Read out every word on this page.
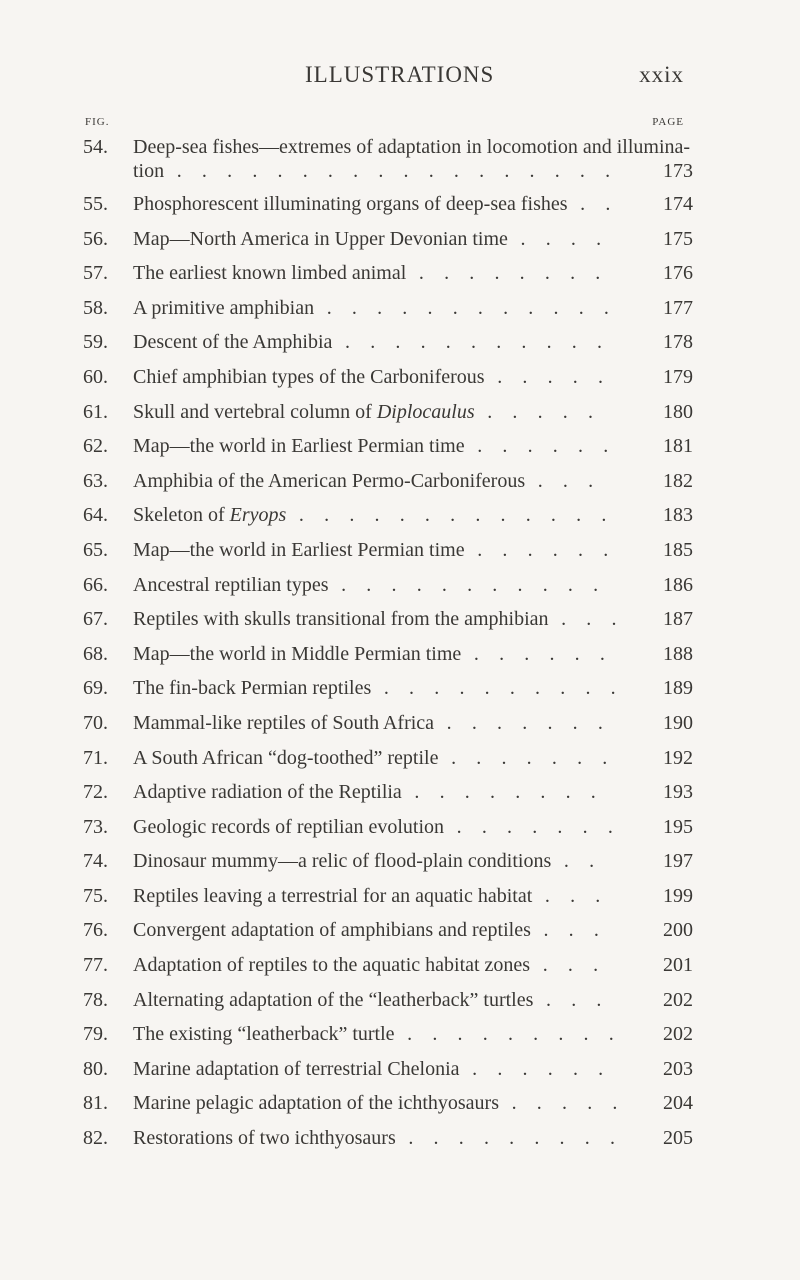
ILLUSTRATIONS	xxix
FIG.	PAGE
54. Deep-sea fishes—extremes of adaptation in locomotion and illumina-
tion . . . . . . . . . . . . . . . . . .	173
55. Phosphorescent illuminating organs of deep-sea fishes . .	174
56. Map—North America in Upper Devonian time . . . .	175
57. The earliest known limbed animal . . . . . . . .	176
58. A primitive amphibian . . . . . . . . . . . .	177
59. Descent of the Amphibia . . . . . . . . . . .	178
60. Chief amphibian types of the Carboniferous . . . . .	179
61. Skull and vertebral column of Diplocaulus . . . . .	180
62. Map—the world in Earliest Permian time . . . . . .	181
63. Amphibia of the American Permo-Carboniferous . . .	182
64. Skeleton of Eryops . . . . . . . . . . . . .	183
65. Map—the world in Earliest Permian time . . . . . .	185
66. Ancestral reptilian types . . . . . . . . . . .	186
67. Reptiles with skulls transitional from the amphibian . . .	187
68. Map—the world in Middle Permian time . . . . . .	188
69. The fin-back Permian reptiles . . . . . . . . . .	189
70. Mammal-like reptiles of South Africa . . . . . . .	190
71. A South African “dog-toothed” reptile . . . . . . .	192
72. Adaptive radiation of the Reptilia . . . . . . . .	193
73. Geologic records of reptilian evolution . . . . . . .	195
74. Dinosaur mummy—a relic of flood-plain conditions . .	197
75. Reptiles leaving a terrestrial for an aquatic habitat . . .	199
76. Convergent adaptation of amphibians and reptiles . . .	200
77. Adaptation of reptiles to the aquatic habitat zones . . .	201
78. Alternating adaptation of the “leatherback” turtles . . .	202
79. The existing “leatherback” turtle . . . . . . . . .	202
80. Marine adaptation of terrestrial Chelonia . . . . . .	203
81. Marine pelagic adaptation of the ichthyosaurs . . . . .	204
82. Restorations of two ichthyosaurs . . . . . . . . .	205
